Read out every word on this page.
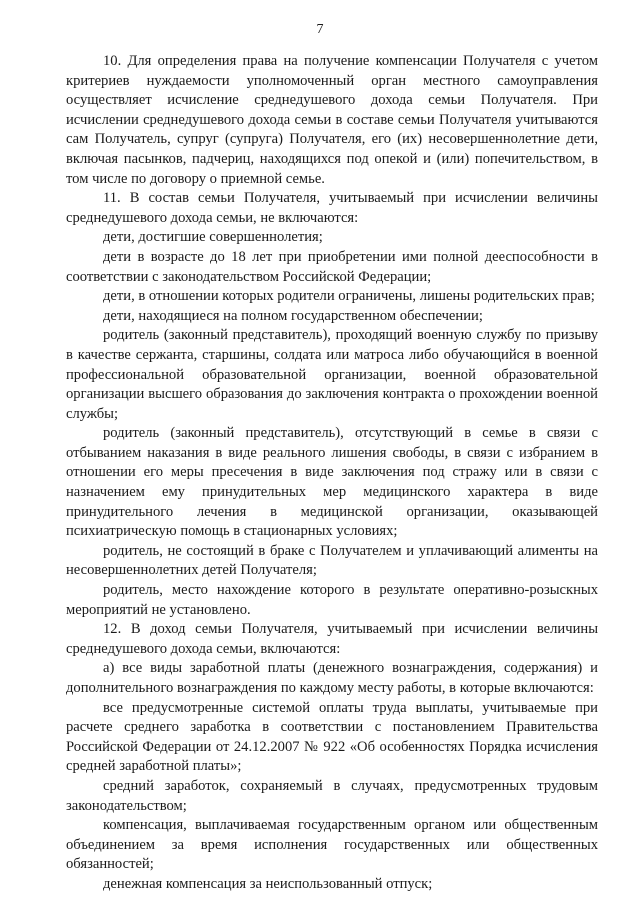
7

10. Для определения права на получение компенсации Получателя с учетом критериев нуждаемости уполномоченный орган местного самоуправления осуществляет исчисление среднедушевого дохода семьи Получателя. При исчислении среднедушевого дохода семьи в составе семьи Получателя учитываются сам Получатель, супруг (супруга) Получателя, его (их) несовершеннолетние дети, включая пасынков, падчериц, находящихся под опекой и (или) попечительством, в том числе по договору о приемной семье.

11. В состав семьи Получателя, учитываемый при исчислении величины среднедушевого дохода семьи, не включаются:

дети, достигшие совершеннолетия;

дети в возрасте до 18 лет при приобретении ими полной дееспособности в соответствии с законодательством Российской Федерации;

дети, в отношении которых родители ограничены, лишены родительских прав;

дети, находящиеся на полном государственном обеспечении;

родитель (законный представитель), проходящий военную службу по призыву в качестве сержанта, старшины, солдата или матроса либо обучающийся в военной профессиональной образовательной организации, военной образовательной организации высшего образования до заключения контракта о прохождении военной службы;

родитель (законный представитель), отсутствующий в семье в связи с отбыванием наказания в виде реального лишения свободы, в связи с избранием в отношении его меры пресечения в виде заключения под стражу или в связи с назначением ему принудительных мер медицинского характера в виде принудительного лечения в медицинской организации, оказывающей психиатрическую помощь в стационарных условиях;

родитель, не состоящий в браке с Получателем и уплачивающий алименты на несовершеннолетних детей Получателя;

родитель, место нахождение которого в результате оперативно-розыскных мероприятий не установлено.

12. В доход семьи Получателя, учитываемый при исчислении величины среднедушевого дохода семьи, включаются:

а) все виды заработной платы (денежного вознаграждения, содержания) и дополнительного вознаграждения по каждому месту работы, в которые включаются:

все предусмотренные системой оплаты труда выплаты, учитываемые при расчете среднего заработка в соответствии с постановлением Правительства Российской Федерации от 24.12.2007 № 922 «Об особенностях Порядка исчисления средней заработной платы»;

средний заработок, сохраняемый в случаях, предусмотренных трудовым законодательством;

компенсация, выплачиваемая государственным органом или общественным объединением за время исполнения государственных или общественных обязанностей;

денежная компенсация за неиспользованный отпуск;
